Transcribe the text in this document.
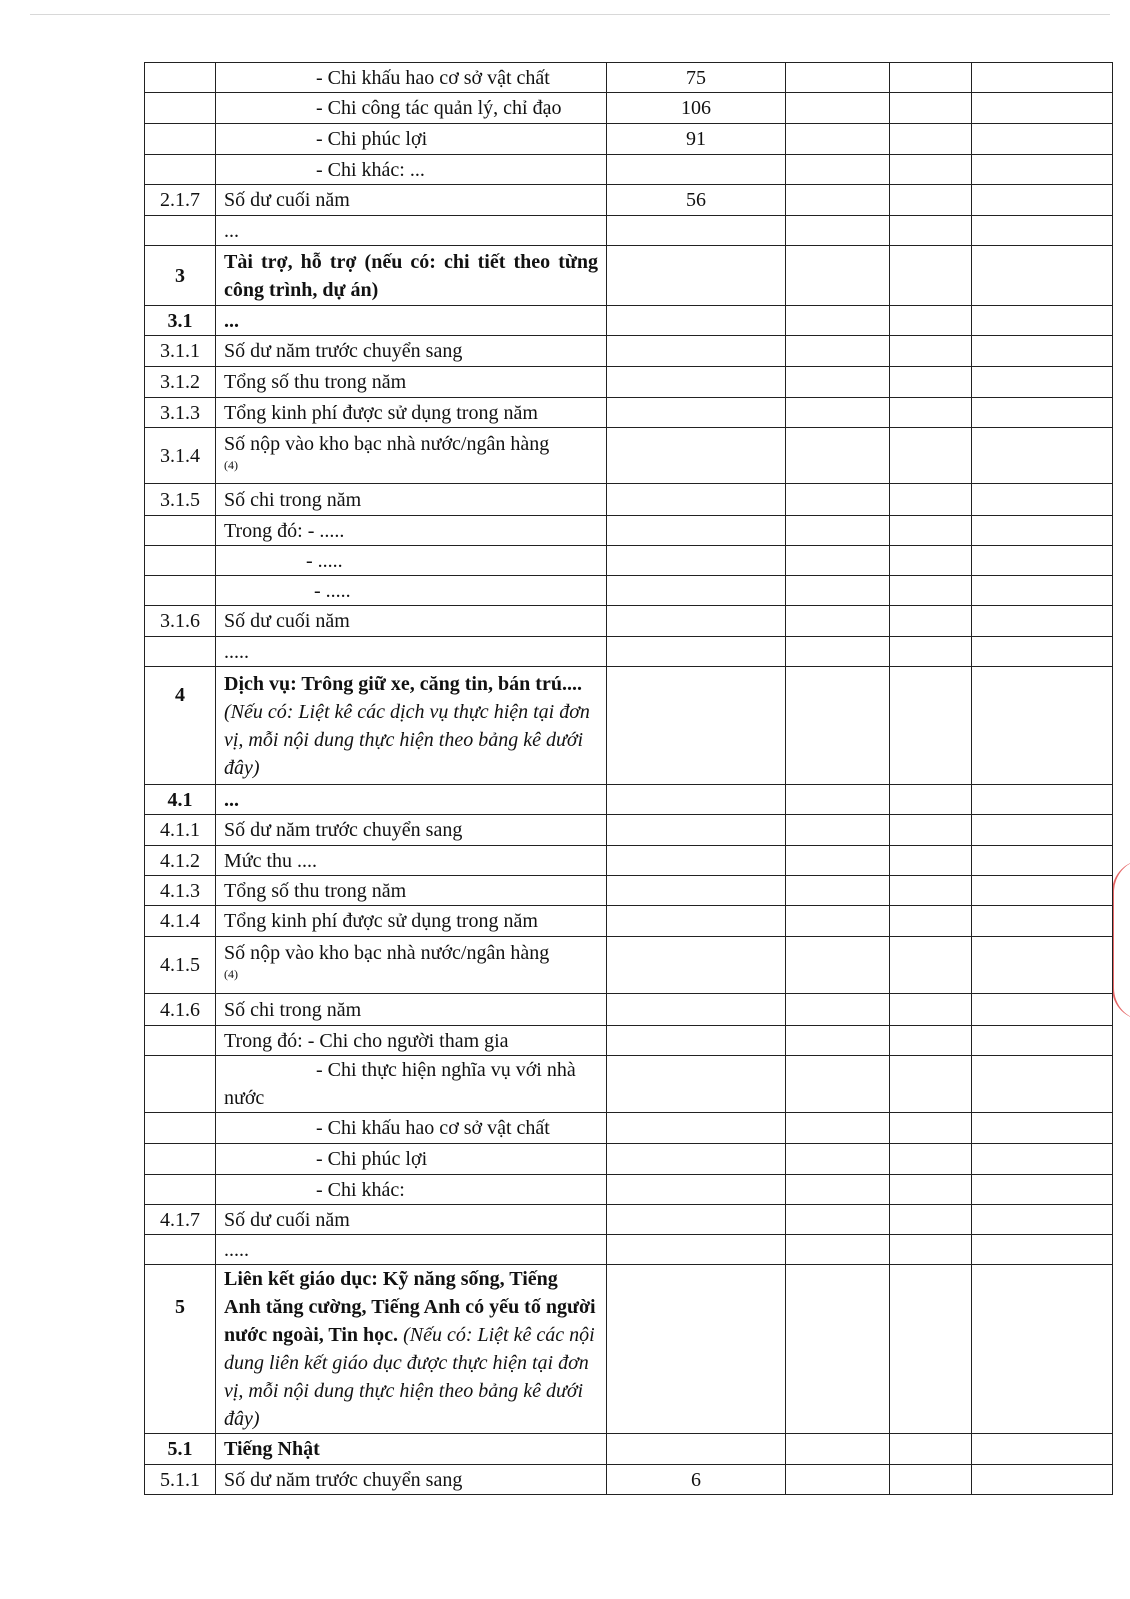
	- Chi khấu hao cơ sở vật chất	75			
	- Chi công tác quản lý, chỉ đạo	106			
	- Chi phúc lợi	91			
	- Chi khác: ...				
2.1.7	Số dư cuối năm	56			
	...				
3	Tài trợ, hỗ trợ (nếu có: chi tiết theo từng công trình, dự án)				
3.1	...				
3.1.1	Số dư năm trước chuyển sang				
3.1.2	Tổng số thu trong năm				
3.1.3	Tổng kinh phí được sử dụng trong năm				
3.1.4	Số nộp vào kho bạc nhà nước/ngân hàng
(4)				

3.1.5	Số chi trong năm				
	Trong đó: - .....				
	- .....				
	- .....				
3.1.6	Số dư cuối năm				
	.....				
4	Dịch vụ: Trông giữ xe, căng tin, bán trú.... (Nếu có: Liệt kê các dịch vụ thực hiện tại đơn vị, mỗi nội dung thực hiện theo bảng kê dưới đây)				
4.1	...				
4.1.1	Số dư năm trước chuyển sang				
4.1.2	Mức thu ....				
4.1.3	Tổng số thu trong năm				
4.1.4	Tổng kinh phí được sử dụng trong năm				
4.1.5	Số nộp vào kho bạc nhà nước/ngân hàng
(4)				

4.1.6	Số chi trong năm				
	Trong đó: - Chi cho người tham gia				

	- Chi thực hiện nghĩa vụ với nhà
nước				

	- Chi khấu hao cơ sở vật chất				
	- Chi phúc lợi				
	- Chi khác:				
4.1.7	Số dư cuối năm				
	.....				
5	Liên kết giáo dục: Kỹ năng sống, Tiếng Anh tăng cường, Tiếng Anh có yếu tố người nước ngoài, Tin học. (Nếu có: Liệt kê các nội dung liên kết giáo dục được thực hiện tại đơn vị, mỗi nội dung thực hiện theo bảng kê dưới đây)				
5.1	Tiếng Nhật				
5.1.1	Số dư năm trước chuyển sang	6			
